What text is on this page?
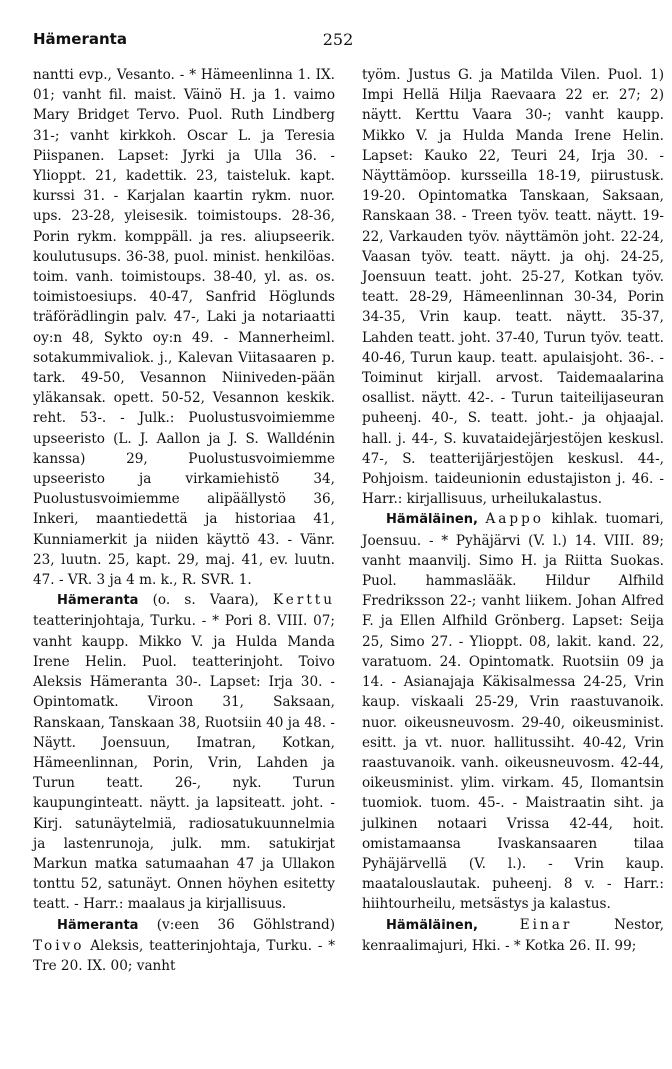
Hämeranta	252

nantti evp., Vesanto. - * Hämeenlinna 1. IX. 01; vanht fil. maist. Väinö H. ja 1. vaimo Mary Bridget Tervo. Puol. Ruth Lindberg 31-; vanht kirkkoh. Oscar L. ja Teresia Piispanen. Lapset: Jyrki ja Ulla 36. - Ylioppt. 21, kadettik. 23, taisteluk. kapt. kurssi 31. - Karjalan kaartin rykm. nuor. ups. 23-28, yleisesik. toimistoups. 28-36, Porin rykm. komppäll. ja res. aliupseerik. koulutusups. 36-38, puol. minist. henkilöas. toim. vanh. toimistoups. 38-40, yl. as. os. toimistoesiups. 40-47, Sanfrid Höglunds träförädlingin palv. 47-, Laki ja notariaatti oy:n 48, Sykto oy:n 49. - Mannerheiml. sotakummivaliok. j., Kalevan Viitasaaren p. tark. 49-50, Vesannon Niiniveden-pään yläkansak. opett. 50-52, Vesannon keskik. reht. 53-. - Julk.: Puolustusvoimiemme upseeristo (L. J. Aallon ja J. S. Walldénin kanssa) 29, Puolustusvoimiemme upseeristo ja virkamiehistö 34, Puolustusvoimiemme alipäällystö 36, Inkeri, maantiedettä ja historiaa 41, Kunniamerkit ja niiden käyttö 43. - Vänr. 23, luutn. 25, kapt. 29, maj. 41, ev. luutn. 47. - VR. 3 ja 4 m. k., R. SVR. 1.

Hämeranta (o. s. Vaara), Kerttu teatterinjohtaja, Turku. - * Pori 8. VIII. 07; vanht kaupp. Mikko V. ja Hulda Manda Irene Helin. Puol. teatterinjoht. Toivo Aleksis Hämeranta 30-. Lapset: Irja 30. - Opintomatk. Viroon 31, Saksaan, Ranskaan, Tanskaan 38, Ruotsiin 40 ja 48. - Näytt. Joensuun, Imatran, Kotkan, Hämeenlinnan, Porin, Vrin, Lahden ja Turun teatt. 26-, nyk. Turun kaupunginteatt. näytt. ja lapsiteatt. joht. - Kirj. satunäytelmiä, radiosatukuunnelmia ja lastenrunoja, julk. mm. satukirjat Markun matka satumaahan 47 ja Ullakon tonttu 52, satunäyt. Onnen höyhen esitetty teatt. - Harr.: maalaus ja kirjallisuus.

Hämeranta (v:een 36 Göhlstrand) Toivo Aleksis, teatterinjohtaja, Turku. - * Tre 20. IX. 00; vanht

työm. Justus G. ja Matilda Vilen. Puol. 1) Impi Hellä Hilja Raevaara 22 er. 27; 2) näytt. Kerttu Vaara 30-; vanht kaupp. Mikko V. ja Hulda Manda Irene Helin. Lapset: Kauko 22, Teuri 24, Irja 30. - Näyttämöop. kursseilla 18-19, piirustusk. 19-20. Opintomatka Tanskaan, Saksaan, Ranskaan 38. - Treen työv. teatt. näytt. 19-22, Varkauden työv. näyttämön joht. 22-24, Vaasan työv. teatt. näytt. ja ohj. 24-25, Joensuun teatt. joht. 25-27, Kotkan työv. teatt. 28-29, Hämeenlinnan 30-34, Porin 34-35, Vrin kaup. teatt. näytt. 35-37, Lahden teatt. joht. 37-40, Turun työv. teatt. 40-46, Turun kaup. teatt. apulaisjoht. 36-. - Toiminut kirjall. arvost. Taidemaalarina osallist. näytt. 42-. - Turun taiteilijaseuran puheenj. 40-, S. teatt. joht.- ja ohjaajal. hall. j. 44-, S. kuvataidejärjestöjen keskusl. 47-, S. teatterijärjestöjen keskusl. 44-, Pohjoism. taideunionin edustajiston j. 46. - Harr.: kirjallisuus, urheilukalastus.

Hämäläinen, Aappo kihlak. tuomari, Joensuu. - * Pyhäjärvi (V. l.) 14. VIII. 89; vanht maanvilj. Simo H. ja Riitta Suokas. Puol. hammaslääk. Hildur Alfhild Fredriksson 22-; vanht liikem. Johan Alfred F. ja Ellen Alfhild Grönberg. Lapset: Seija 25, Simo 27. - Ylioppt. 08, lakit. kand. 22, varatuom. 24. Opintomatk. Ruotsiin 09 ja 14. - Asianajaja Käkisalmessa 24-25, Vrin kaup. viskaali 25-29, Vrin raastuvanoik. nuor. oikeusneuvosm. 29-40, oikeusminist. esitt. ja vt. nuor. hallitussiht. 40-42, Vrin raastuvanoik. vanh. oikeusneuvosm. 42-44, oikeusminist. ylim. virkam. 45, Ilomantsin tuomiok. tuom. 45-. - Maistraatin siht. ja julkinen notaari Vrissa 42-44, hoit. omistamaansa Ivaskansaaren tilaa Pyhäjärvellä (V. l.). - Vrin kaup. maatalouslautak. puheenj. 8 v. - Harr.: hiihtourheilu, metsästys ja kalastus.

Hämäläinen,	Einar	Nestor, kenraalimajuri, Hki. - * Kotka 26. II. 99;
